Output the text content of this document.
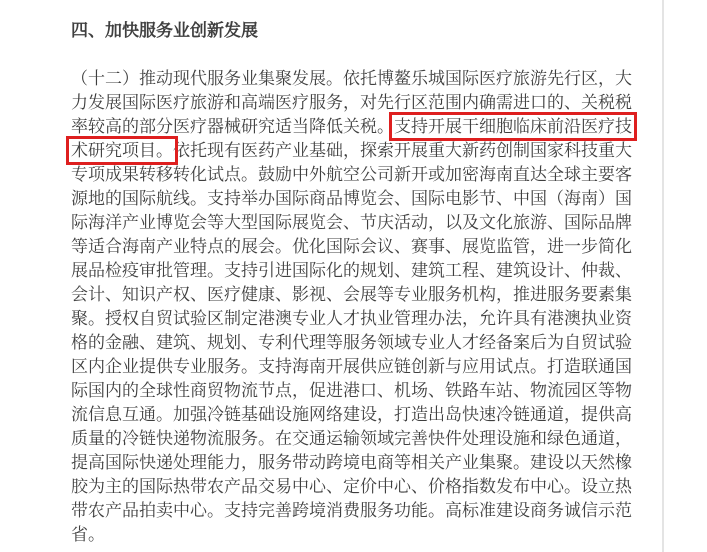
四、加快服务业创新发展
（十二）推动现代服务业集聚发展。依托博鳌乐城国际医疗旅游先行区，大
力发展国际医疗旅游和高端医疗服务，对先行区范围内确需进口的、关税税
率较高的部分医疗器械研究适当降低关税。支持开展干细胞临床前沿医疗技
术研究项目。依托现有医药产业基础，探索开展重大新药创制国家科技重大
专项成果转移转化试点。鼓励中外航空公司新开或加密海南直达全球主要客
源地的国际航线。支持举办国际商品博览会、国际电影节、中国（海南）国
际海洋产业博览会等大型国际展览会、节庆活动，以及文化旅游、国际品牌
等适合海南产业特点的展会。优化国际会议、赛事、展览监管，进一步简化
展品检疫审批管理。支持引进国际化的规划、建筑工程、建筑设计、仲裁、
会计、知识产权、医疗健康、影视、会展等专业服务机构，推进服务要素集
聚。授权自贸试验区制定港澳专业人才执业管理办法，允许具有港澳执业资
格的金融、建筑、规划、专利代理等服务领域专业人才经备案后为自贸试验
区内企业提供专业服务。支持海南开展供应链创新与应用试点。打造联通国
际国内的全球性商贸物流节点，促进港口、机场、铁路车站、物流园区等物
流信息互通。加强冷链基础设施网络建设，打造出岛快速冷链通道，提供高
质量的冷链快递物流服务。在交通运输领域完善快件处理设施和绿色通道，
提高国际快递处理能力，服务带动跨境电商等相关产业集聚。建设以天然橡
胶为主的国际热带农产品交易中心、定价中心、价格指数发布中心。设立热
带农产品拍卖中心。支持完善跨境消费服务功能。高标准建设商务诚信示范
省。
